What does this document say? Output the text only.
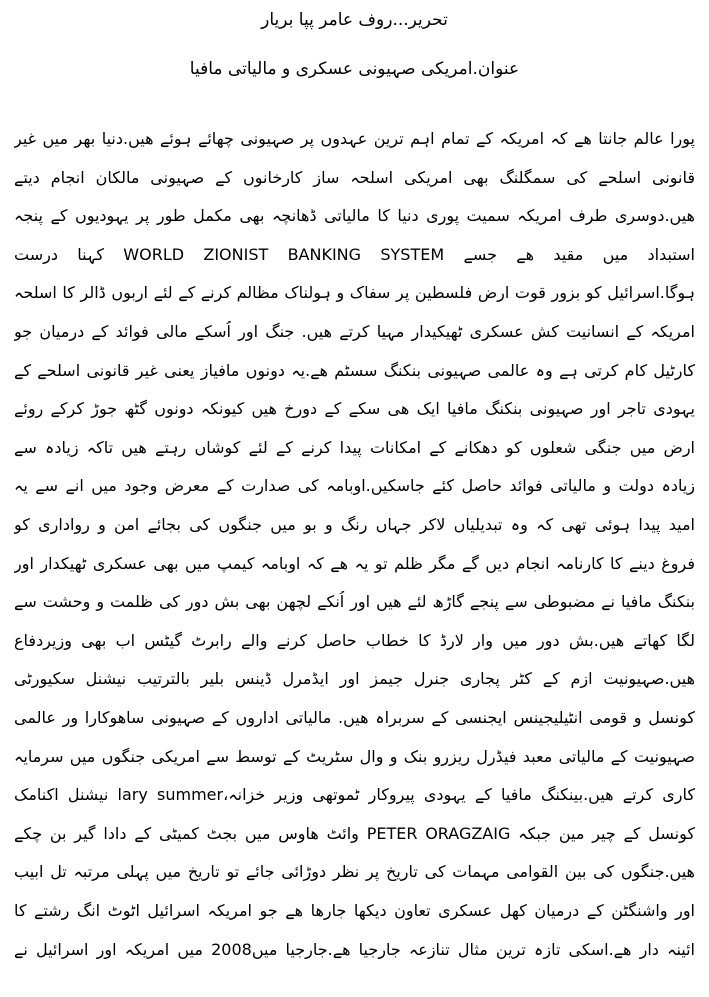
تحریر...روف عامر پپا بریار
عنوان.امریکی صہیونی عسکری و مالیاتی مافیا
پورا عالم جانتا ھے کہ امریکہ کے تمام اہم ترین عہدوں پر صہیونی چھائے ہوئے ھیں.دنیا بھر میں غیر
قانونی اسلحے کی سمگلنگ بھی امریکی اسلحہ ساز کارخانوں کے صہیونی مالکان انجام دیتے
ھیں.دوسری طرف امریکہ سمیت پوری دنیا کا مالیاتی ڈھانچہ بھی مکمل طور پر یہودیوں کے پنجہ
استبداد میں مقید ھے جسے WORLD ZIONIST BANKING SYSTEM کہنا درست
ہوگا.اسرائیل کو بزور قوت ارض فلسطین پر سفاک و ہولناک مظالم کرنے کے لئے اربوں ڈالر کا اسلحہ
امریکہ کے انسانیت کش عسکری ٹھیکیدار مہیا کرتے ھیں. جنگ اور اُسکے مالی فوائد کے درمیان جو
کارٹیل کام کرتی ہے وہ عالمی صہیونی بنکنگ سسٹم ھے.یہ دونوں مافیاز یعنی غیر قانونی اسلحے کے
یہودی تاجر اور صہیونی بنکنگ مافیا ایک ھی سکے کے دورخ ھیں کیونکہ دونوں گٹھ جوڑ کرکے روئے
ارض میں جنگی شعلوں کو دھکانے کے امکانات پیدا کرنے کے لئے کوشاں رہتے ھیں تاکہ زیادہ سے
زیادہ دولت و مالیاتی فوائد حاصل کئے جاسکیں.اوبامہ کی صدارت کے معرض وجود میں انے سے یہ
امید پیدا ہوئی تھی کہ وہ تبدیلیاں لاکر جہاں رنگ و بو میں جنگوں کی بجائے امن و رواداری کو
فروغ دینے کا کارنامہ انجام دیں گے مگر ظلم تو یہ ھے کہ اوبامہ کیمپ میں بھی عسکری ٹھیکدار اور
بنکنگ مافیا نے مضبوطی سے پنجے گاڑھ لئے ھیں اور اُنکے لچھن بھی بش دور کی ظلمت و وحشت سے
لگا کھاتے ھیں.بش دور میں وار لارڈ کا خطاب حاصل کرنے والے رابرٹ گیٹس اب بھی وزیردفاع
ھیں.صہیونیت ازم کے کٹر پجاری جنرل جیمز اور ایڈمرل ڈینس بلیر بالترتیب نیشنل سکیورٹی
کونسل و قومی انٹیلیجینس ایجنسی کے سربراہ ھیں. مالیاتی اداروں کے صہیونی ساھوکارا ور عالمی
صہیونیت کے مالیاتی معبد فیڈرل ریزرو بنک و وال سٹریٹ کے توسط سے امریکی جنگوں میں سرمایہ
کاری کرتے ھیں.بینکنگ مافیا کے یہودی پیروکار ٹموتھی وزیر خزانہ،lary summer نیشنل اکنامک
کونسل کے چیر مین جبکہ PETER ORAGZAIG وائٹ ھاوس میں بجٹ کمیٹی کے دادا گیر بن چکے
ھیں.جنگوں کی بین القوامی مہمات کی تاریخ پر نظر دوڑائی جائے تو تاریخ میں پہلی مرتبہ تل ابیب
اور واشنگٹن کے درمیان کھل عسکری تعاون دیکھا جارھا ھے جو امریکہ اسرائیل اٹوٹ انگ رشتے کا
ائینہ دار ھے.اسکی تازہ ترین مثال تنازعہ جارجیا ھے.جارجیا میں2008 میں امریکہ اور اسرائیل نے
